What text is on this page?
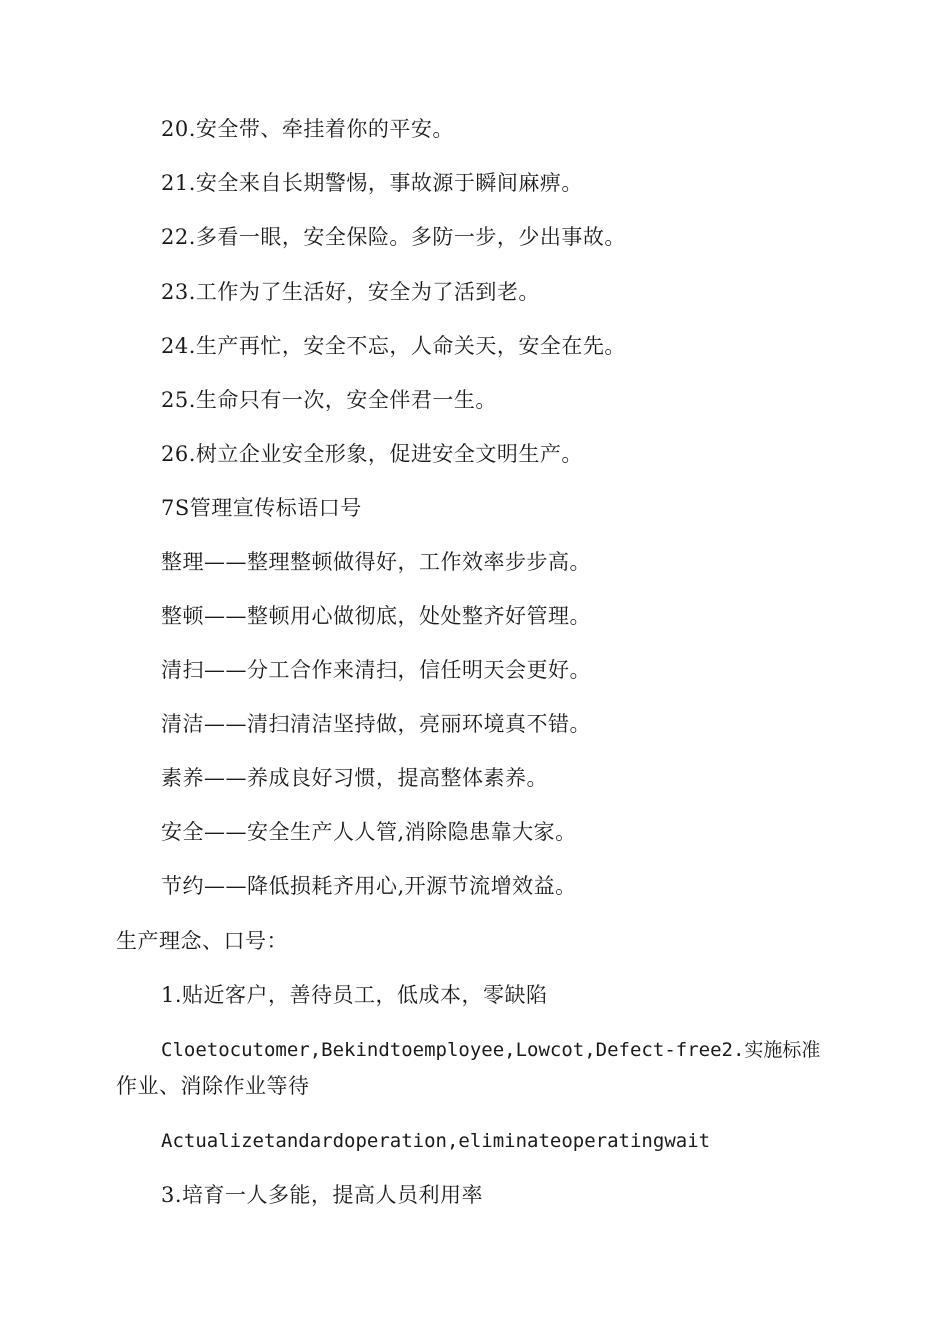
20.安全带、牵挂着你的平安。
21.安全来自长期警惕，事故源于瞬间麻痹。
22.多看一眼，安全保险。多防一步，少出事故。
23.工作为了生活好，安全为了活到老。
24.生产再忙，安全不忘，人命关天，安全在先。
25.生命只有一次，安全伴君一生。
26.树立企业安全形象，促进安全文明生产。
7S管理宣传标语口号
整理——整理整顿做得好，工作效率步步高。
整顿——整顿用心做彻底，处处整齐好管理。
清扫——分工合作来清扫，信任明天会更好。
清洁——清扫清洁坚持做，亮丽环境真不错。
素养——养成良好习惯，提高整体素养。
安全——安全生产人人管,消除隐患靠大家。
节约——降低损耗齐用心,开源节流增效益。
生产理念、口号：
1.贴近客户，善待员工，低成本，零缺陷
Cloetocutomer,Bekindtoemployee,Lowcot,Defect-free2.实施标准
作业、消除作业等待
Actualizetandardoperation,eliminateoperatingwait
3.培育一人多能，提高人员利用率
